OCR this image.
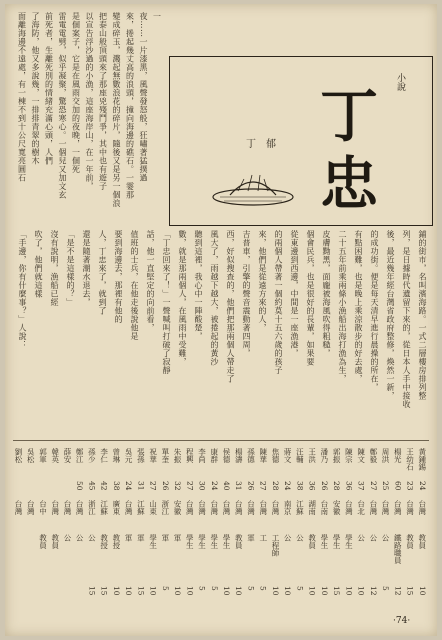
小說
丁
忠
丁　郁
一
夜……一片漆黑，風聲發怒般，狂嘯著猛撲過
來，捲起幾丈高的浪頭，撞向海邊的礁石。一霎那
變成碎玉，濺起無數浪花的碎片，隨後又是另一個浪
把泰山般頂頭來了那座兇殘鬥爭，其中也有遊子
以宣告浮沙過的小漁，這座海岸山，在一年前，
是個案子，它是在風雨交加的夜晚，一個死
雷電電劈，似乎凝聚，驚恐寒心。一個兒又加文玄
前死者，生離死別的情緒充滿心頭，人們
了海防，他又多說幾，一排排青翠的樹木
面離海邊不遠處，有一棟不到十公尺寬亮圓石
鋪的街市，名叫濱海路。一式二層樓房排列整
列，是日據時代遺留下來的，從日本人手中接收
後，最近幾年經台灣省政府整修，煥然一新，
的成功街。便是每天清早進行晨操的所在，
有點困難，也是晚上乘涼散步的好去處，
二十五年前乘兩條小漁船出海打漁為生，
皮膚黝黑，面龐被海風吹得粗糙，
個會民兵，也是很好的長輩，如果要
從東邊到西邊，中間是一座漁港，
的兩個人帶著一個約莫十五六歲的孩子
來，他們是從遠方來的人，
吉普車，引擎的聲音震動著四周，
西，好似搜查的，他們把那兩個人帶走了
風大了，雨越下越大，被捲起的黃沙
聽到這裡，我心中一陣酸楚，
數，就是那兩個人，在風雨中受難，
「丁忠回來了！」一聲喊叫打破了寂靜
話，他一直堅定的向前看，
值班的士兵，在他走後說他是
要到海邊去，那裡有他的
人，丁忠來了，就到了
還是隨著潮水退去，
「是不是這樣的？」
沒有說明，漁船已經
吹了，他們就這樣
「手邊，你有什麼事？」人說：
黃鍾錫
王幼石
楊光
周洪
鄭毅
陳文
陳宗
郭振
潘乃
王洪
汪輔
蔣文
焦德
陳華
孫德
楊濤
侯德
康群
李尚
程興
朱振
單奎
祝華
張孫
吳元
曾琳
李仁
孫少
鄭江
薛安
韓英
郭軍
吳松
劉松
24
23
60
25
27
37
36
28
26
36
38
24
28
27
26
31
40
24
30
27
32
26
27
31
24
38
42
45
50
台灣
台灣
台灣
台灣
台灣
台北
台灣
安徽
台南
湖南
江蘇
南京
台灣
台灣
台灣
台灣
台灣
台灣
台灣
台灣
安徽
浙江
山東
江蘇
台灣
廣東
江蘇
浙江
台灣
台灣
台灣
台中
台灣
台灣
教員
教員
鐵路職員
公
公
公
學生
學生
學生
教員
公
公
工程師
工
軍
教員
學生
學生
學生
學生
軍
軍
學生
軍
軍
教授
教授
公
公
公
教員
教員
10
15
12
5
12
10
10
15
10
10
5
10
10
5
5
10
10
5
5
10
10
5
10
15
10
10
15
15
·74·
